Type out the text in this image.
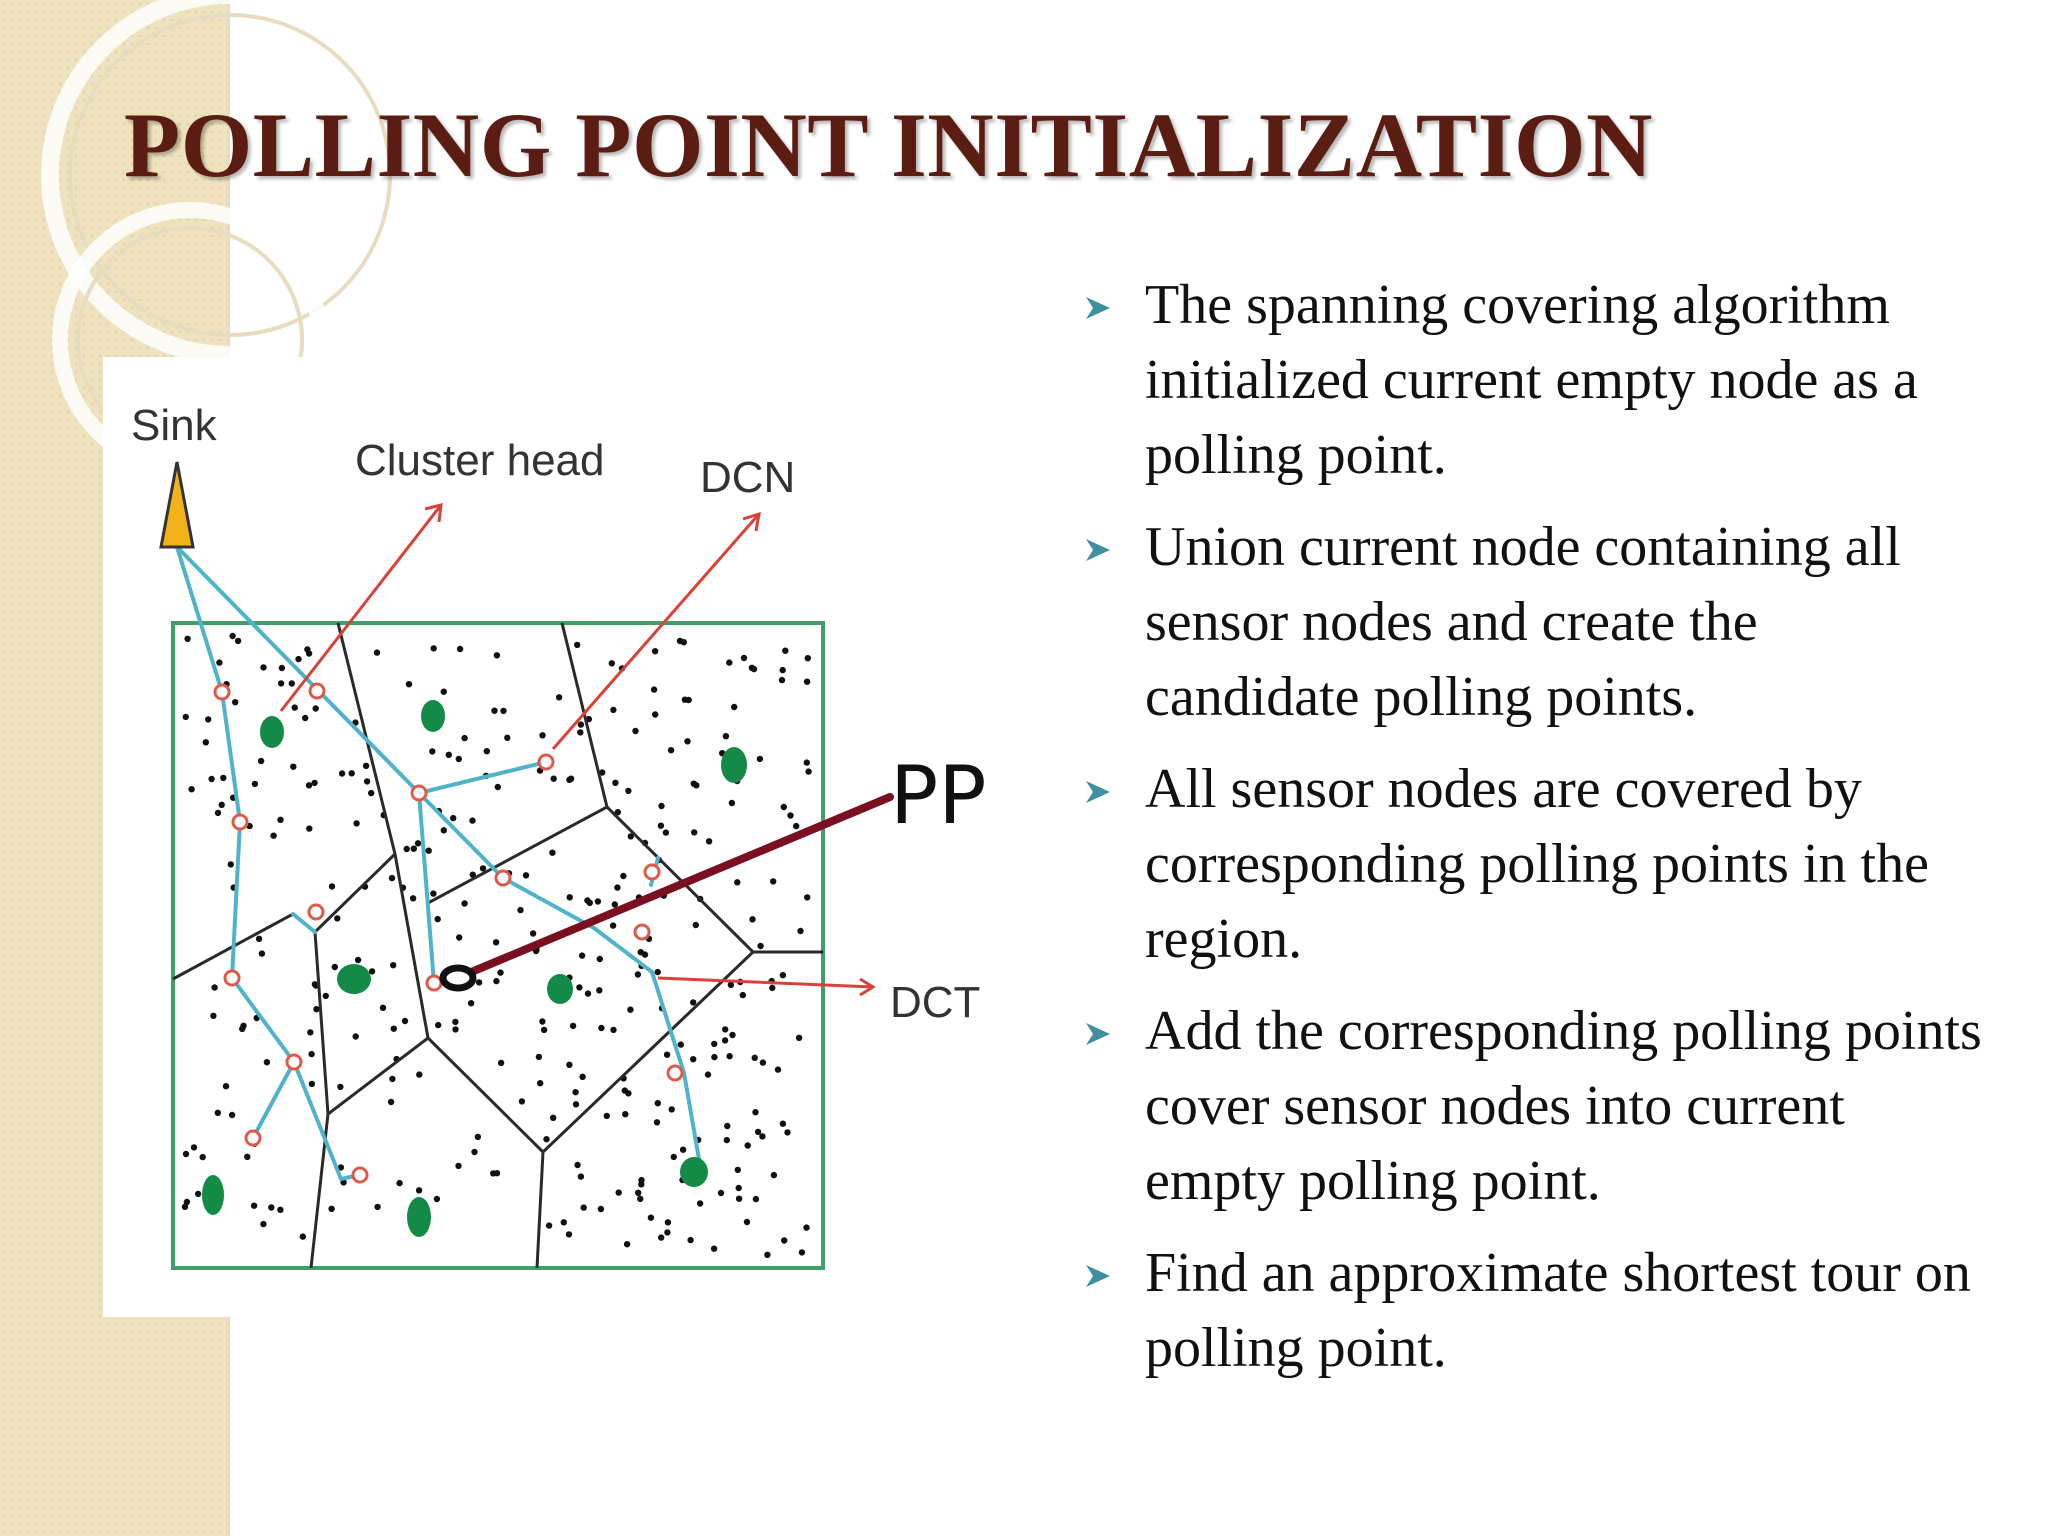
POLLING POINT INITIALIZATION
Sink
Cluster head DCN
DCT
PP
The spanning covering algorithm initialized current empty node as a polling point.
Union current node containing all sensor nodes and create the candidate polling points.
All sensor nodes are covered by corresponding polling points in the region.
Add the corresponding polling points cover sensor nodes into current empty polling point.
Find an approximate shortest tour on polling point.
